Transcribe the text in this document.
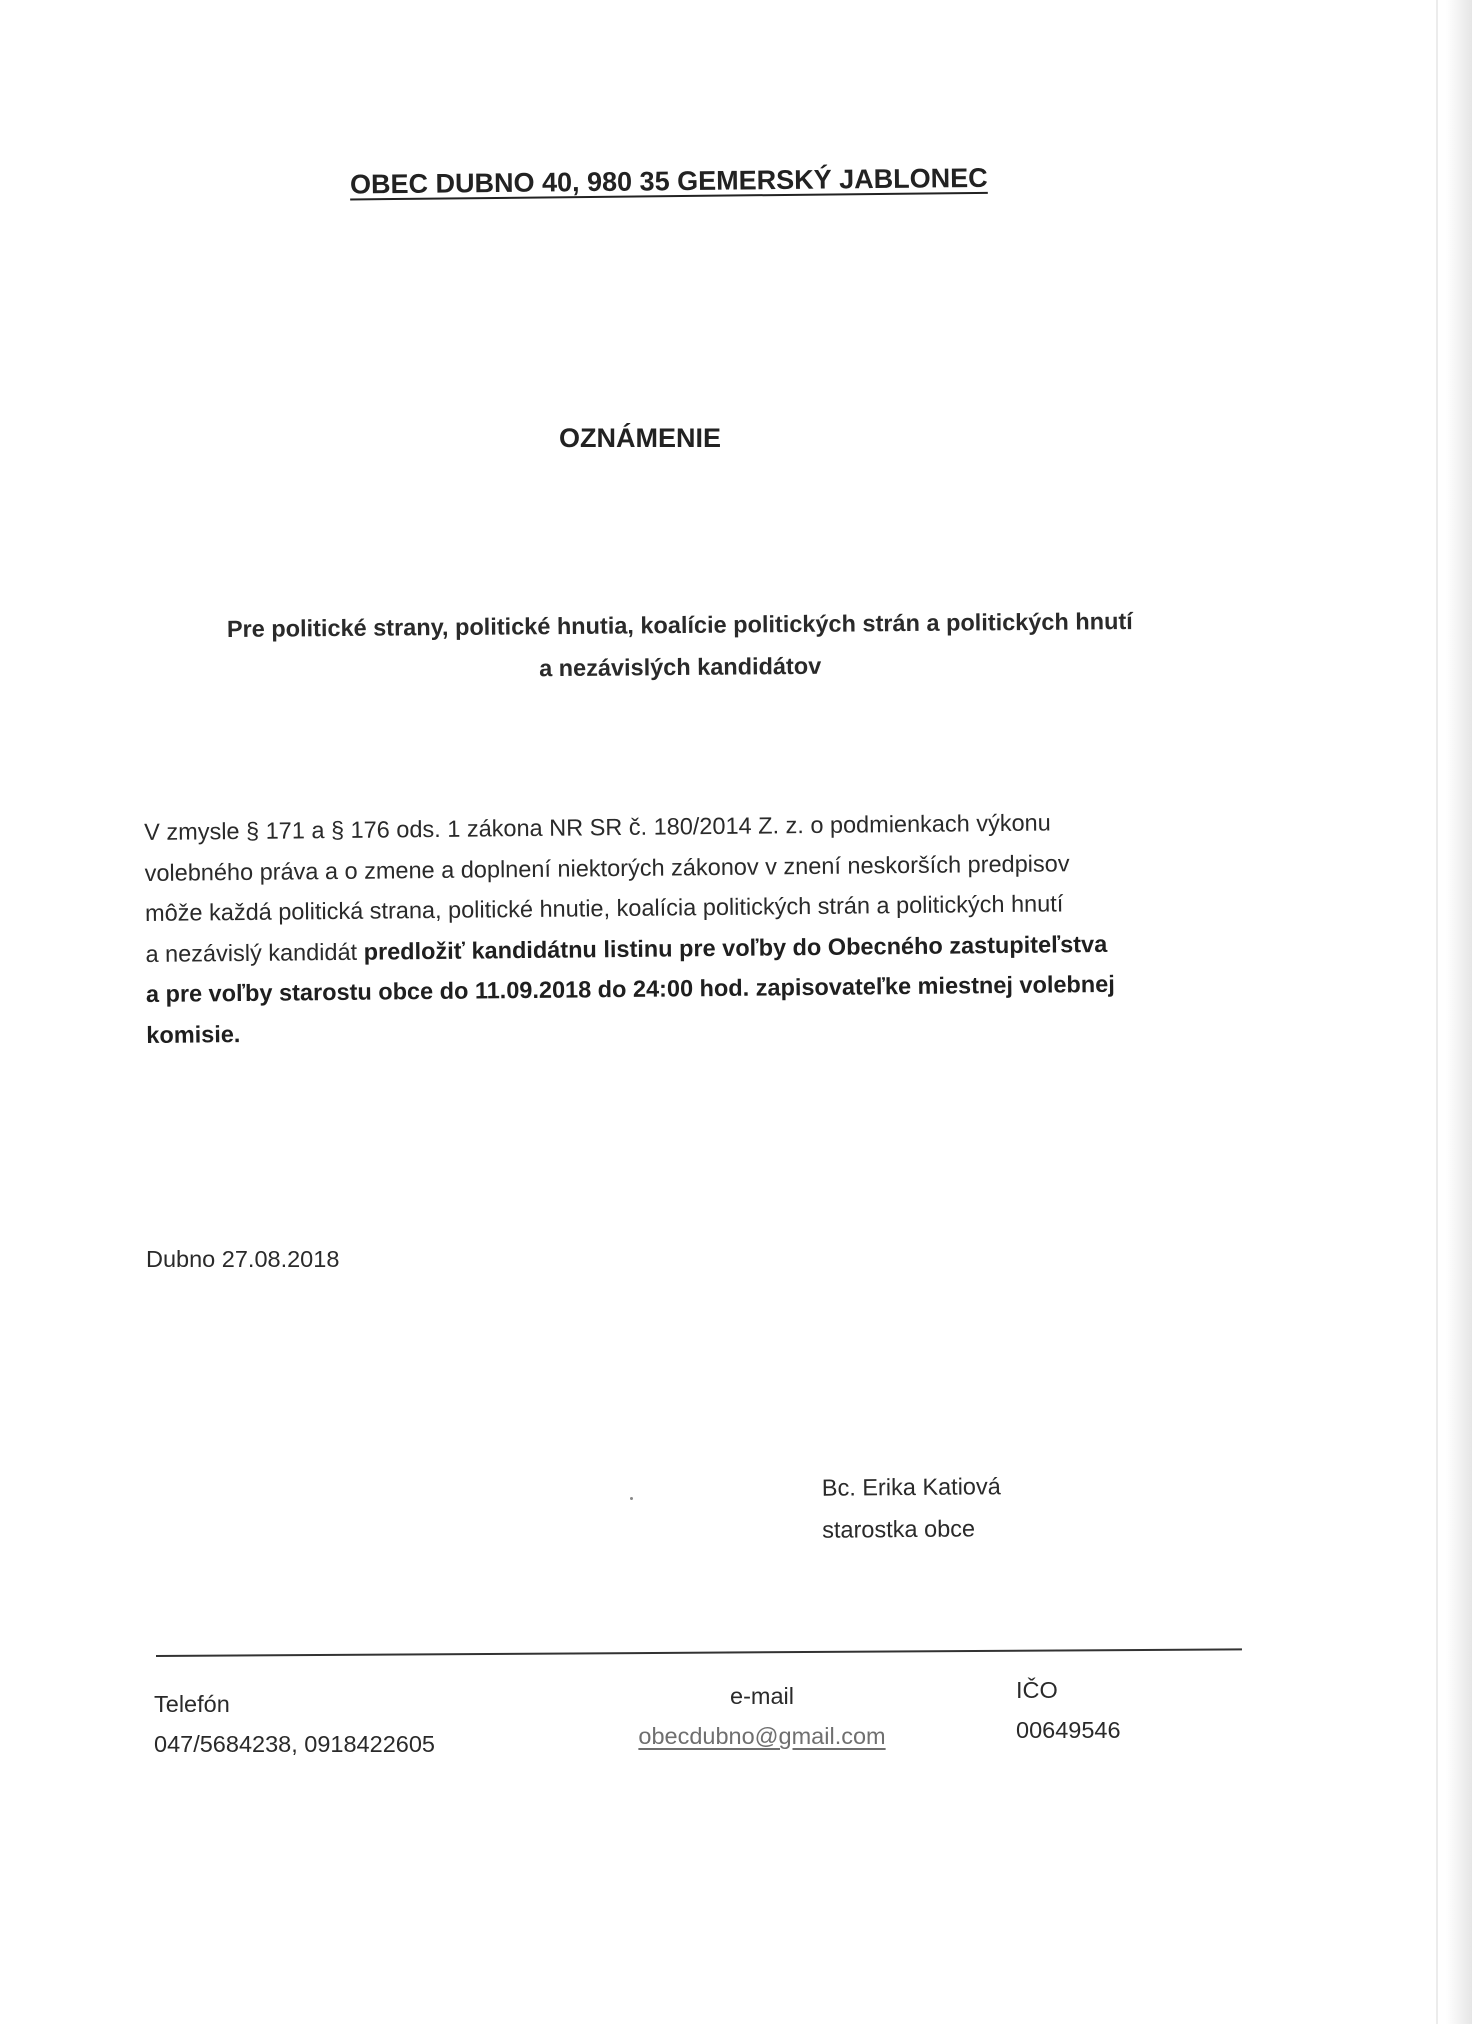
OBEC DUBNO 40, 980 35 GEMERSKÝ JABLONEC
OZNÁMENIE
Pre politické strany, politické hnutia, koalície politických strán a politických hnutí
a nezávislých kandidátov
V zmysle § 171 a § 176 ods. 1 zákona NR SR č. 180/2014 Z. z. o podmienkach výkonu
volebného práva a o zmene a doplnení niektorých zákonov v znení neskorších predpisov
môže každá politická strana, politické hnutie, koalícia politických strán a politických hnutí
a nezávislý kandidát predložiť kandidátnu listinu pre voľby do Obecného zastupiteľstva
a pre voľby starostu obce do 11.09.2018 do 24:00 hod. zapisovateľke miestnej volebnej
komisie.
Dubno 27.08.2018
Bc. Erika Katiová
starostka obce
Telefón
047/5684238, 0918422605
e-mail
obecdubno@gmail.com
IČO
00649546
